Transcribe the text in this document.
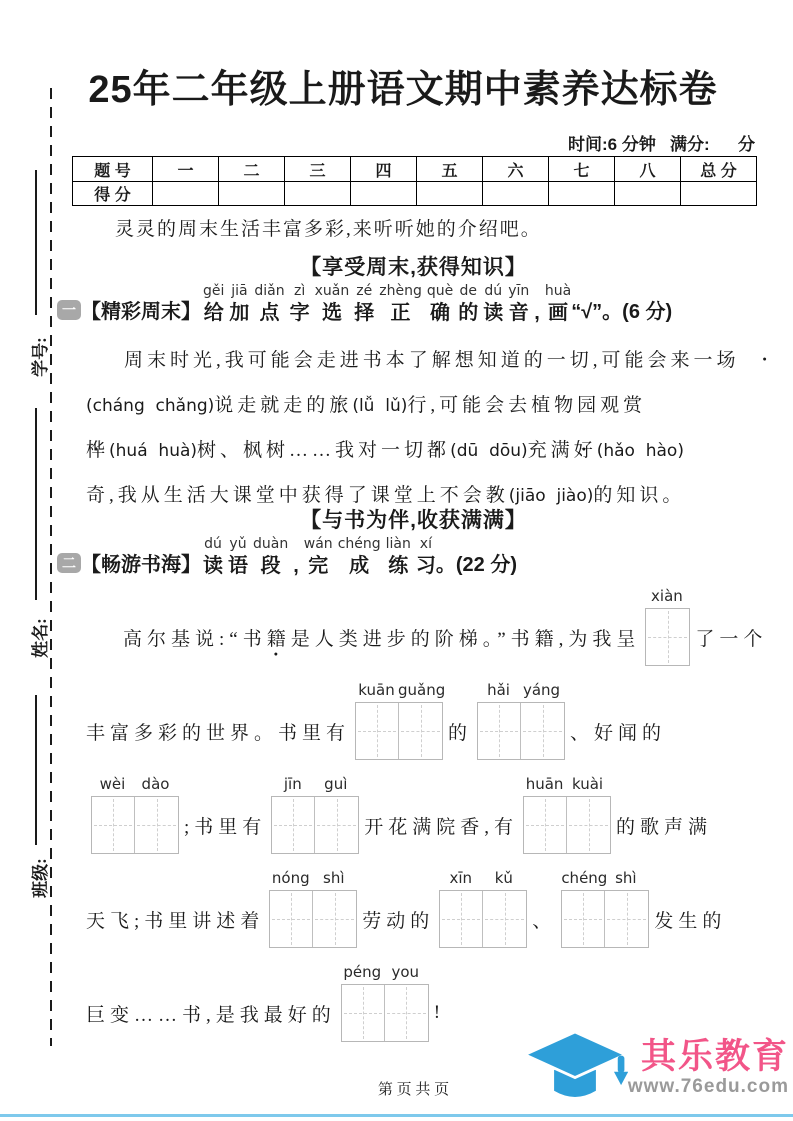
学号:
姓名:
班级:
25年二年级上册语文期中素养达标卷
时间:6 分钟   满分:      分
题 号	一	二	三	四	五	六	七	八	总 分
得 分									
灵灵的周末生活丰富多彩,来听听她的介绍吧。
【享受周末,获得知识】
一 【精彩周末】
gěi
给
jiā
加
diǎn
点
zì
字
xuǎn
选
zé
择
zhèng
正
què
确
de
的
dú
读
yīn
音 ,
huà
画 “√”。(6 分)
周末时光,我可能会走进书本了解想知道的一切,可能会来一场 ●
(cháng  chǎng)说走就走的旅 ●(lǚ  lǔ)行,可能会去植物园观赏
桦 ●(huá  huà)树、枫树……我对一切都 ●(dū  dōu)充满好 ●(hǎo  hào)
奇,我从生活大课堂中获得了课堂上不会教 ●(jiāo  jiào)的知识。
【与书为伴,收获满满】
二 【畅游书海】
dú
读
yǔ
语
duàn
段 ,
wán
完
chéng
成
liàn
练
xí
习 。(22 分)
高尔基说:“书 籍 ● 是人类进步的阶梯。”书籍,为我呈
xiàn
了一个
丰富多彩的世界。书里有
kuān guǎng
的
hǎi yáng
、好闻的
wèi	dào
;书里有
jīn	guì
开花满院香,有
huān kuài
的歌声满
天飞;书里讲述着
nóng shì
劳动的
xīn	kǔ
、
chéng shì
发生的
巨变……书,是我最好的
péng you
!
第 页 共 页
其乐教育
www.76edu.com
